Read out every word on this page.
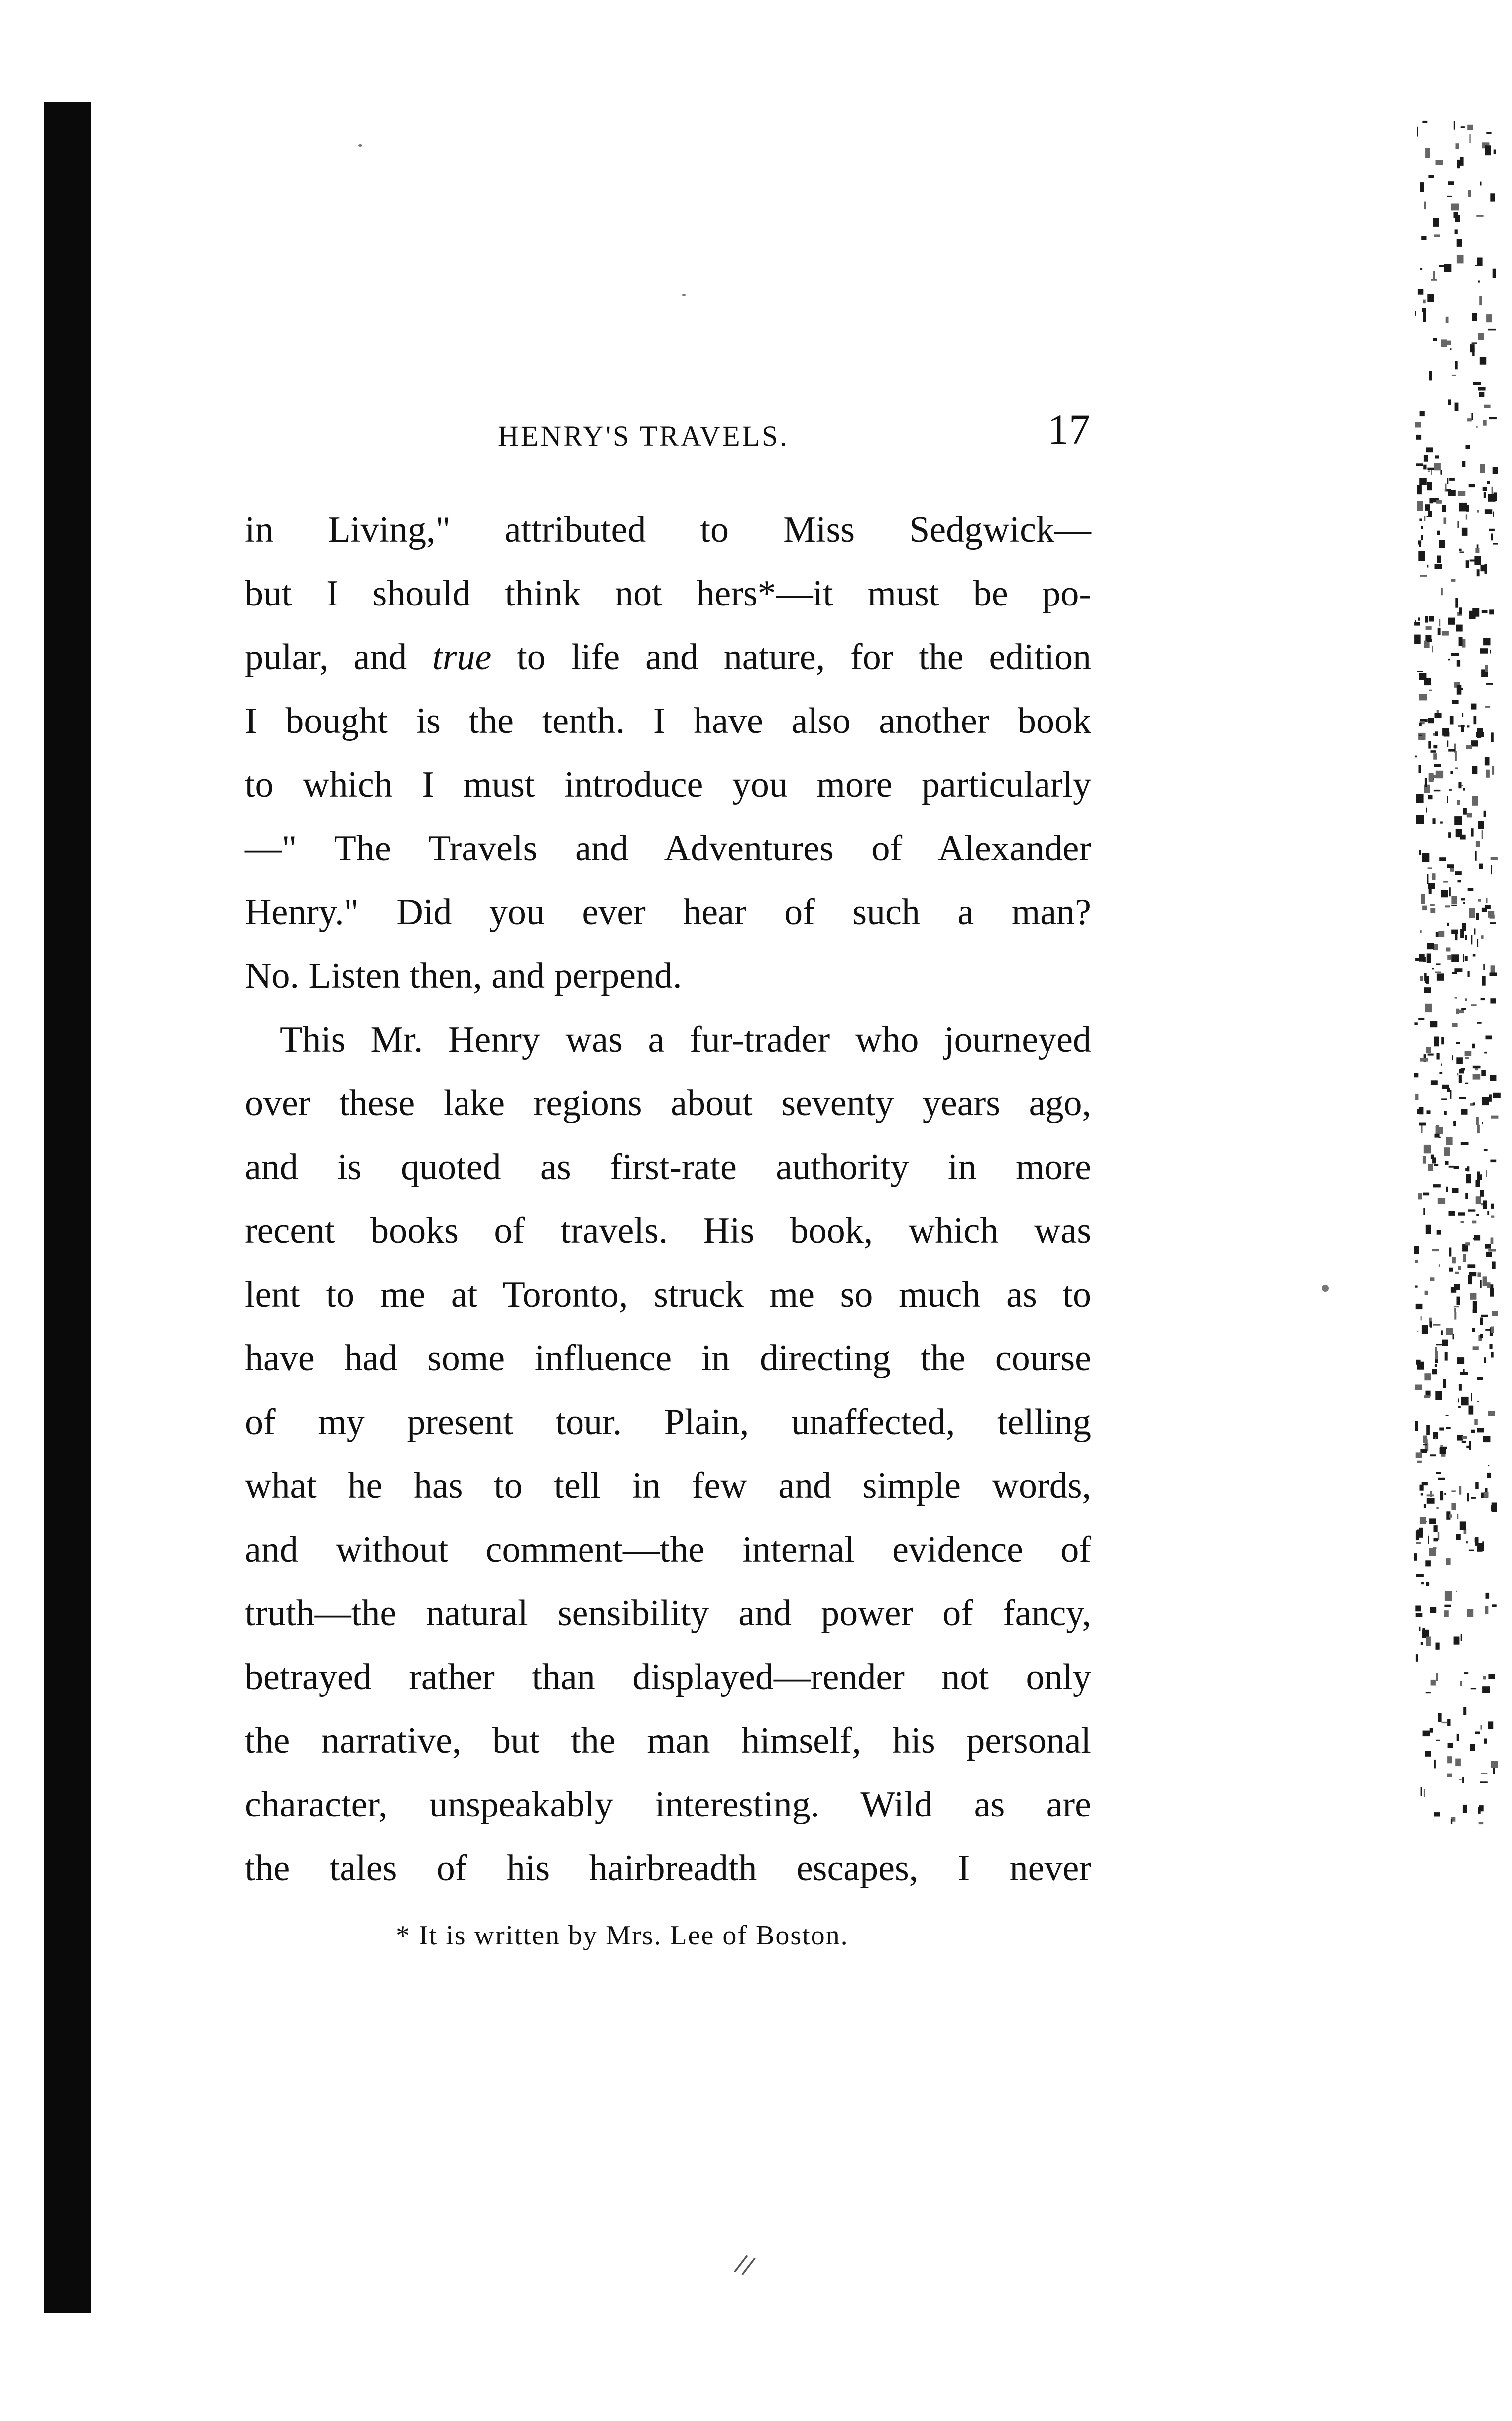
HENRY'S TRAVELS.	17
in Living," attributed to Miss Sedgwick—
but I should think not hers*—it must be po-
pular, and true to life and nature, for the edition
I bought is the tenth. I have also another book
to which I must introduce you more particularly
—" The Travels and Adventures of Alexander
Henry." Did you ever hear of such a man?
No. Listen then, and perpend.
This Mr. Henry was a fur-trader who journeyed
over these lake regions about seventy years ago,
and is quoted as first-rate authority in more
recent books of travels. His book, which was
lent to me at Toronto, struck me so much as to
have had some influence in directing the course
of my present tour. Plain, unaffected, telling
what he has to tell in few and simple words,
and without comment—the internal evidence of
truth—the natural sensibility and power of fancy,
betrayed rather than displayed—render not only
the narrative, but the man himself, his personal
character, unspeakably interesting. Wild as are
the tales of his hairbreadth escapes, I never
* It is written by Mrs. Lee of Boston.
//
